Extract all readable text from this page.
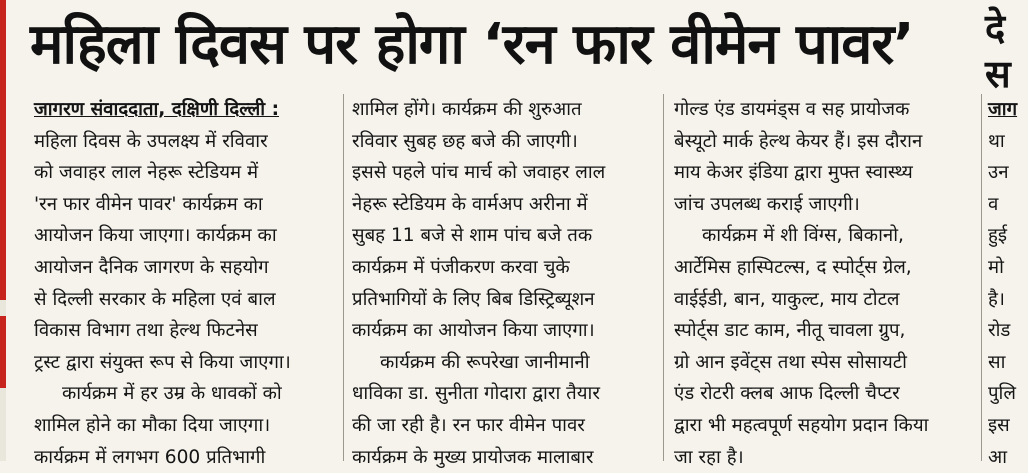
महिला दिवस पर होगा ‘रन फार वीमेन पावर’	दे
स
जागरण संवाददाता, दक्षिणी दिल्ली :
महिला दिवस के उपलक्ष्य में रविवार
को जवाहर लाल नेहरू स्टेडियम में
'रन फार वीमेन पावर' कार्यक्रम का
आयोजन किया जाएगा। कार्यक्रम का
आयोजन दैनिक जागरण के सहयोग
से दिल्ली सरकार के महिला एवं बाल
विकास विभाग तथा हेल्थ फिटनेस
ट्रस्ट द्वारा संयुक्त रूप से किया जाएगा।
कार्यक्रम में हर उम्र के धावकों को
शामिल होने का मौका दिया जाएगा।
कार्यक्रम में लगभग 600 प्रतिभागी
शामिल होंगे। कार्यक्रम की शुरुआत
रविवार सुबह छह बजे की जाएगी।
इससे पहले पांच मार्च को जवाहर लाल
नेहरू स्टेडियम के वार्मअप अरीना में
सुबह 11 बजे से शाम पांच बजे तक
कार्यक्रम में पंजीकरण करवा चुके
प्रतिभागियों के लिए बिब डिस्ट्रिब्यूशन
कार्यक्रम का आयोजन किया जाएगा।
कार्यक्रम की रूपरेखा जानीमानी
धाविका डा. सुनीता गोदारा द्वारा तैयार
की जा रही है। रन फार वीमेन पावर
कार्यक्रम के मुख्य प्रायोजक मालाबार
गोल्ड एंड डायमंड्स व सह प्रायोजक
बेस्यूटो मार्क हेल्थ केयर हैं। इस दौरान
माय केअर इंडिया द्वारा मुफ्त स्वास्थ्य
जांच उपलब्ध कराई जाएगी।
कार्यक्रम में शी विंग्स, बिकानो,
आर्टेमिस हास्पिटल्स, द स्पोर्ट्स ग्रेल,
वाईईडी, बान, याकुल्ट, माय टोटल
स्पोर्ट्स डाट काम, नीतू चावला ग्रुप,
ग्रो आन इवेंट्स तथा स्पेस सोसायटी
एंड रोटरी क्लब आफ दिल्ली चैप्टर
द्वारा भी महत्वपूर्ण सहयोग प्रदान किया
जा रहा है।
जाग
था
उन
व
हुई
मो
है।
रोड
सा
पुलि
इस
आ
